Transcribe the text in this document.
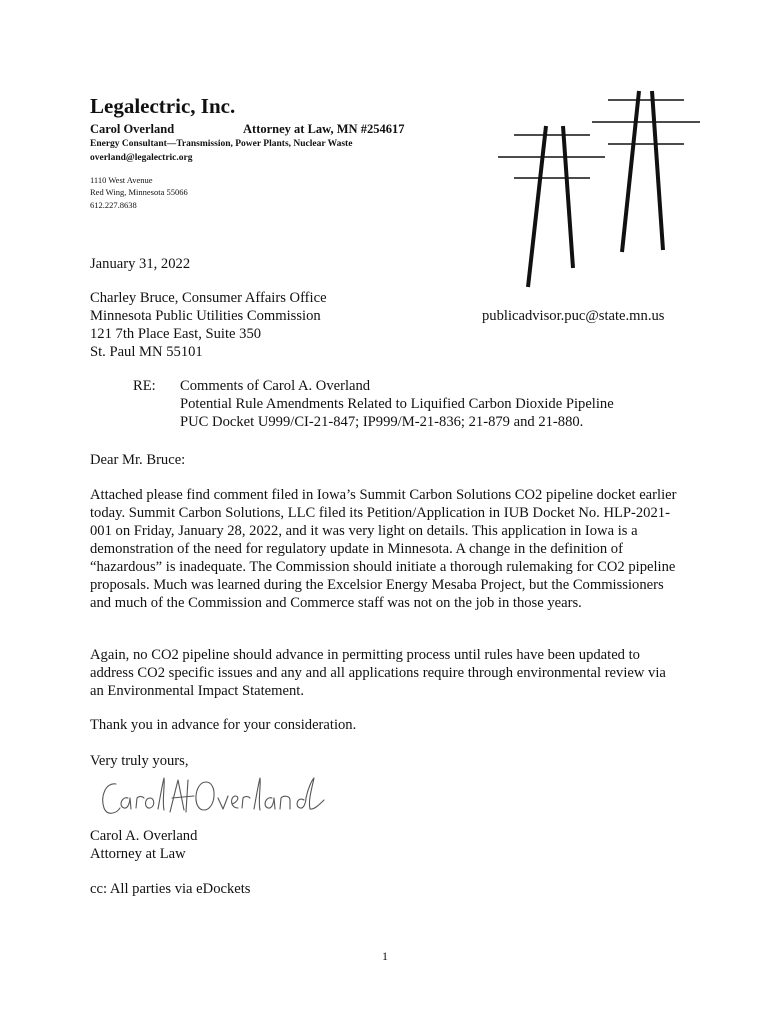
Legalectric, Inc.
Carol Overland	Attorney at Law, MN #254617
Energy Consultant—Transmission, Power Plants, Nuclear Waste
overland@legalectric.org
1110 West Avenue
Red Wing, Minnesota 55066
612.227.8638
January 31, 2022
Charley Bruce, Consumer Affairs Office
Minnesota Public Utilities Commission
121 7th Place East, Suite 350
St. Paul MN 55101
publicadvisor.puc@state.mn.us
RE: Comments of Carol A. Overland
Potential Rule Amendments Related to Liquified Carbon Dioxide Pipeline
PUC Docket U999/CI-21-847; IP999/M-21-836; 21-879 and 21-880.
Dear Mr. Bruce:
Attached please find comment filed in Iowa’s Summit Carbon Solutions CO2 pipeline docket earlier today. Summit Carbon Solutions, LLC filed its Petition/Application in IUB Docket No. HLP-2021-001 on Friday, January 28, 2022, and it was very light on details. This application in Iowa is a demonstration of the need for regulatory update in Minnesota. A change in the definition of “hazardous” is inadequate. The Commission should initiate a thorough rulemaking for CO2 pipeline proposals. Much was learned during the Excelsior Energy Mesaba Project, but the Commissioners and much of the Commission and Commerce staff was not on the job in those years.
Again, no CO2 pipeline should advance in permitting process until rules have been updated to address CO2 specific issues and any and all applications require through environmental review via an Environmental Impact Statement.
Thank you in advance for your consideration.
Very truly yours,
Carol A. Overland
Attorney at Law
cc: All parties via eDockets
1
